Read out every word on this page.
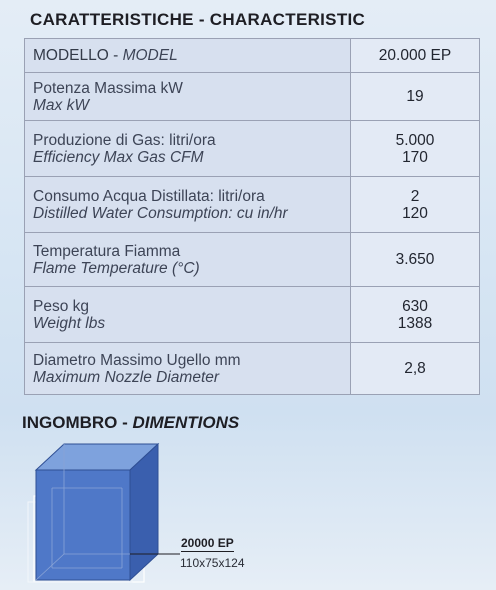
CARATTERISTICHE - CHARACTERISTIC
MODELLO - MODEL	20.000 EP

Potenza Massima kW
Max kW	19

Produzione di Gas: litri/ora
Efficiency Max Gas CFM	5.000
170

Consumo Acqua Distillata: litri/ora
Distilled Water Consumption: cu in/hr	2
120

Temperatura Fiamma
Flame Temperature (°C)	3.650

Peso kg
Weight lbs	630
1388

Diametro Massimo Ugello mm
Maximum Nozzle Diameter	2,8
INGOMBRO - DIMENTIONS
20000 EP
110x75x124
